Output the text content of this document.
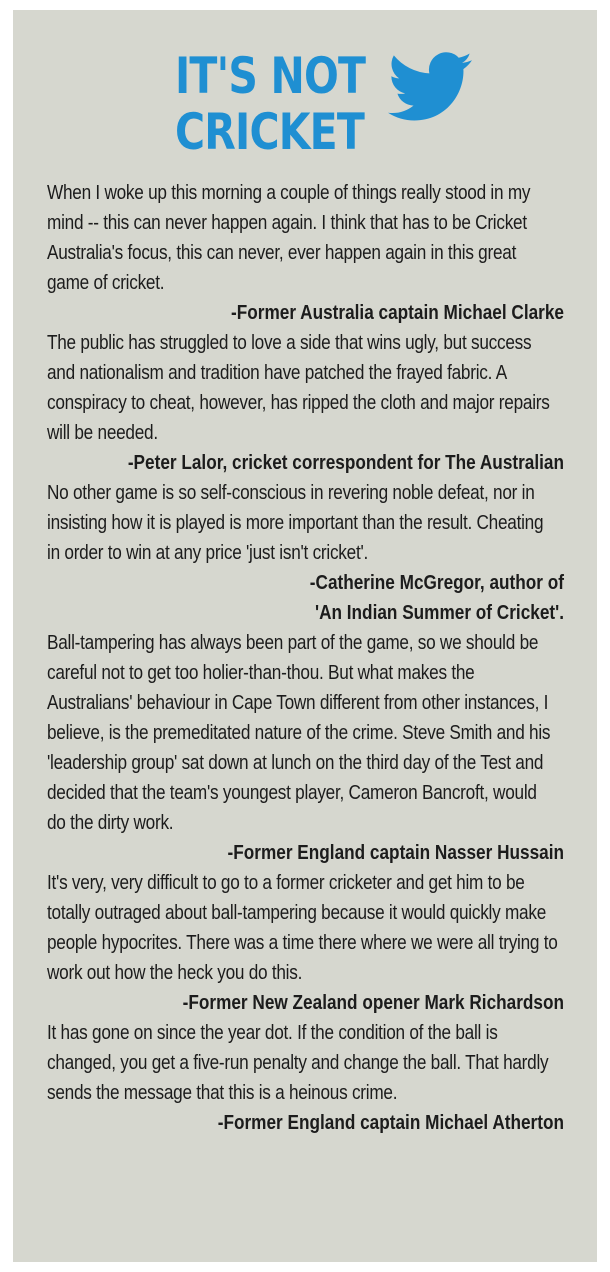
IT'S NOT
CRICKET

When I woke up this morning a couple of things really stood in my mind -- this can never happen again. I think that has to be Cricket Australia's focus, this can never, ever happen again in this great game of cricket.

-Former Australia captain Michael Clarke

The public has struggled to love a side that wins ugly, but success and nationalism and tradition have patched the frayed fabric. A conspiracy to cheat, however, has ripped the cloth and major repairs will be needed.

-Peter Lalor, cricket correspondent for The Australian

No other game is so self-conscious in revering noble defeat, nor in insisting how it is played is more important than the result. Cheating in order to win at any price 'just isn't cricket'.

-Catherine McGregor, author of

'An Indian Summer of Cricket'.

Ball-tampering has always been part of the game, so we should be careful not to get too holier-than-thou. But what makes the Australians' behaviour in Cape Town different from other instances, I believe, is the premeditated nature of the crime. Steve Smith and his 'leadership group' sat down at lunch on the third day of the Test and decided that the team's youngest player, Cameron Bancroft, would do the dirty work.

-Former England captain Nasser Hussain

It's very, very difficult to go to a former cricketer and get him to be totally outraged about ball-tampering because it would quickly make people hypocrites. There was a time there where we were all trying to work out how the heck you do this.

-Former New Zealand opener Mark Richardson

It has gone on since the year dot. If the condition of the ball is changed, you get a five-run penalty and change the ball. That hardly sends the message that this is a heinous crime.

-Former England captain Michael Atherton
